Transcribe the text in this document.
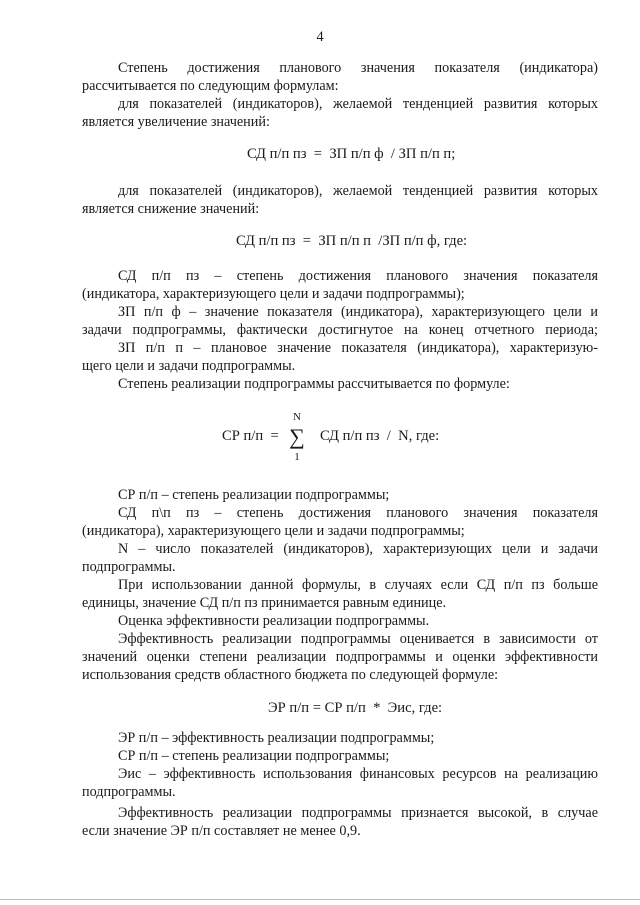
4

Степень достижения планового значения показателя (индикатора)

рассчитывается по следующим формулам:

для показателей (индикаторов), желаемой тенденцией развития которых

является увеличение значений:

СД п/п пз  =  ЗП п/п ф  / ЗП п/п п;

для показателей (индикаторов), желаемой тенденцией развития которых

является снижение значений:

СД п/п пз  =  ЗП п/п п  /ЗП п/п ф, где:

СД п/п пз – степень достижения планового значения показателя

(индикатора, характеризующего цели и задачи подпрограммы);

ЗП п/п ф – значение показателя (индикатора), характеризующего цели и

задачи подпрограммы, фактически достигнутое на конец отчетного периода;

ЗП п/п п – плановое значение показателя (индикатора), характеризую-

щего цели и задачи подпрограммы.

Степень реализации подпрограммы рассчитывается по формуле:

СР п/п  =

N
∑
1

СД п/п пз  /  N, где:

СР п/п – степень реализации подпрограммы;

СД п\п пз – степень достижения планового значения показателя

(индикатора), характеризующего цели и задачи подпрограммы;

N – число показателей (индикаторов), характеризующих цели и задачи

подпрограммы.

При использовании данной формулы, в случаях если СД п/п пз больше

единицы, значение СД п/п пз принимается равным единице.

Оценка эффективности реализации подпрограммы.

Эффективность реализации подпрограммы оценивается в зависимости от

значений оценки степени реализации подпрограммы и оценки эффективности

использования средств областного бюджета по следующей формуле:

ЭР п/п = СР п/п  *  Эис, где:

ЭР п/п – эффективность реализации подпрограммы;

СР п/п – степень реализации подпрограммы;

Эис – эффективность использования финансовых ресурсов на реализацию

подпрограммы.

Эффективность реализации подпрограммы признается высокой, в случае

если значение ЭР п/п составляет не менее 0,9.
